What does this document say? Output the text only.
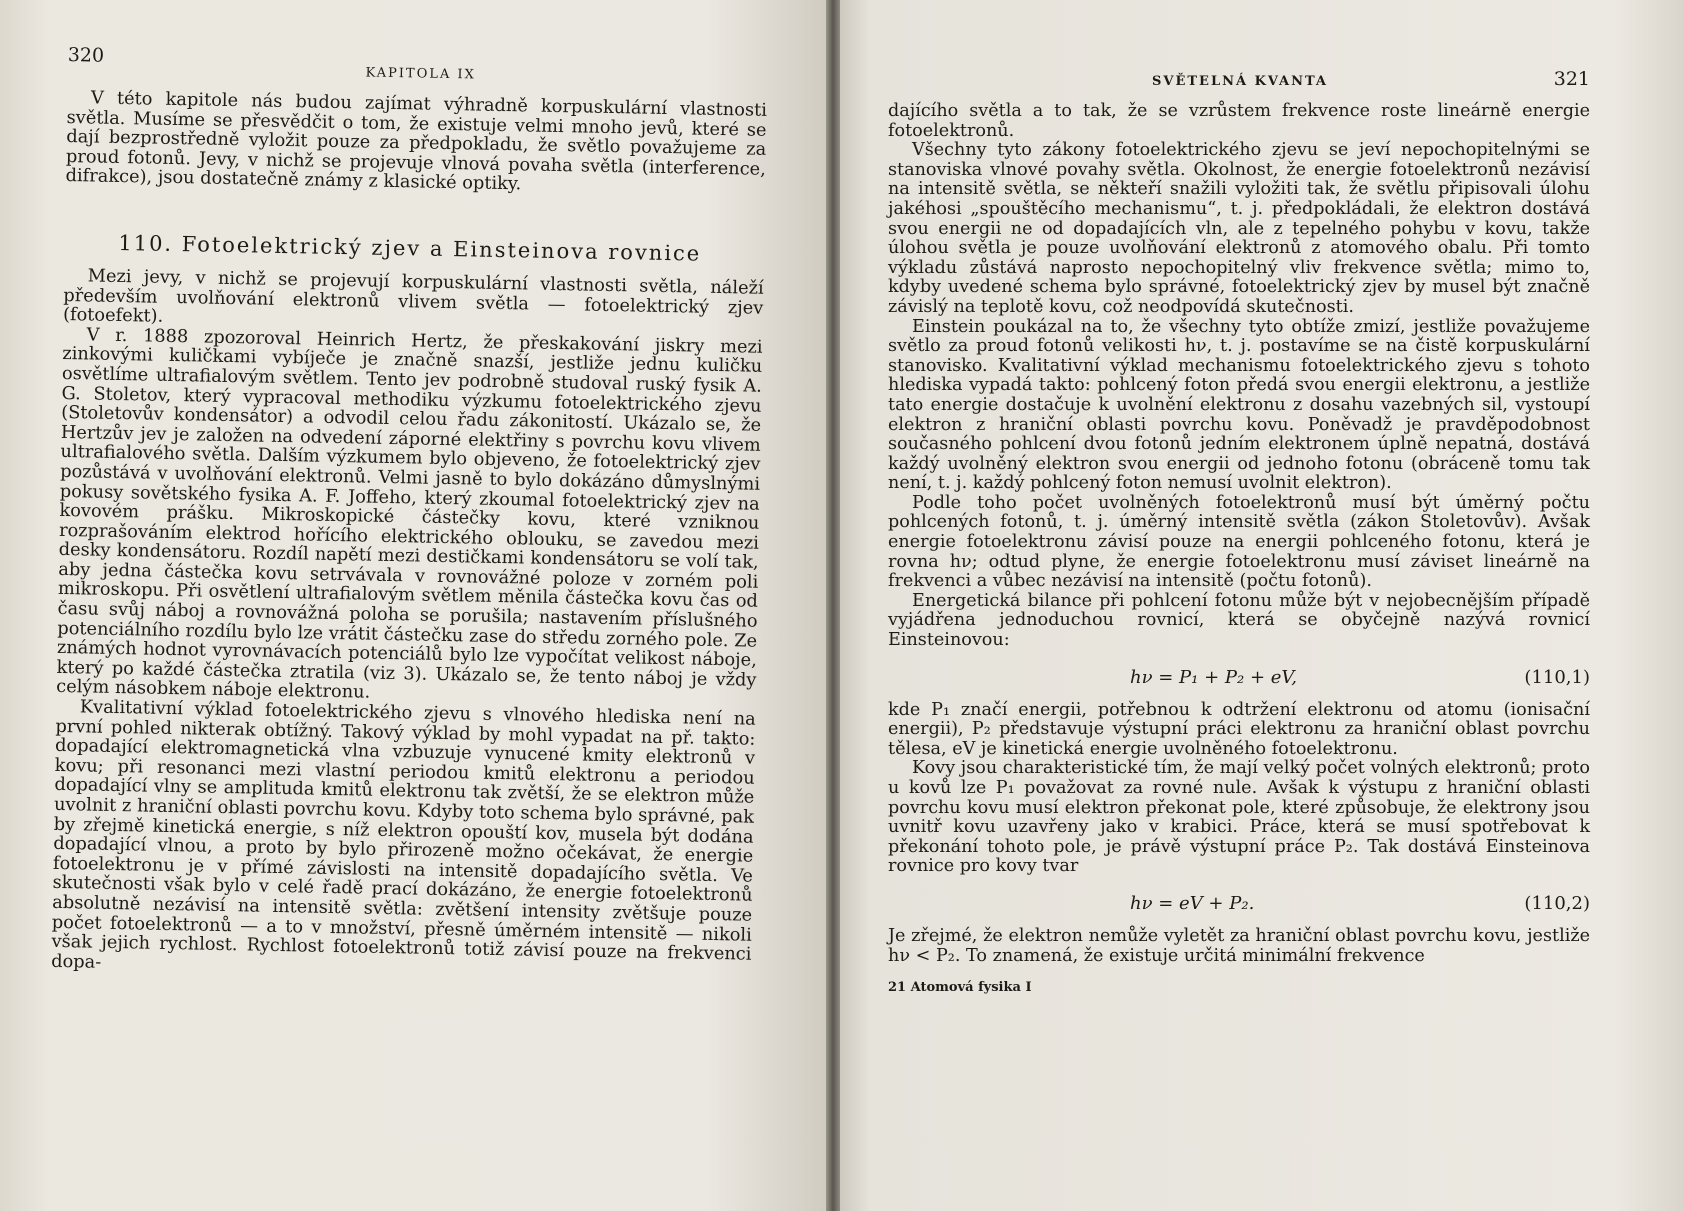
320
KAPITOLA IX

V této kapitole nás budou zajímat výhradně korpuskulární vlastnosti světla. Musíme se přesvědčit o tom, že existuje velmi mnoho jevů, které se dají bezprostředně vyložit pouze za předpokladu, že světlo považujeme za proud fotonů. Jevy, v nichž se projevuje vlnová povaha světla (interference, difrakce), jsou dostatečně známy z klasické optiky.

110. Fotoelektrický zjev a Einsteinova rovnice

Mezi jevy, v nichž se projevují korpuskulární vlastnosti světla, náleží především uvolňování elektronů vlivem světla — fotoelektrický zjev (fotoefekt).

V r. 1888 zpozoroval Heinrich Hertz, že přeskakování jiskry mezi zinkovými kuličkami vybíječe je značně snazší, jestliže jednu kuličku osvětlíme ultrafialovým světlem. Tento jev podrobně studoval ruský fysik A. G. Stoletov, který vypracoval methodiku výzkumu fotoelektrického zjevu (Stoletovův kondensátor) a odvodil celou řadu zákonitostí. Ukázalo se, že Hertzův jev je založen na odvedení záporné elektřiny s povrchu kovu vlivem ultrafialového světla. Dalším výzkumem bylo objeveno, že fotoelektrický zjev pozůstává v uvolňování elektronů. Velmi jasně to bylo dokázáno důmyslnými pokusy sovětského fysika A. F. Joffeho, který zkoumal fotoelektrický zjev na kovovém prášku. Mikroskopické částečky kovu, které vzniknou rozprašováním elektrod hořícího elektrického oblouku, se zavedou mezi desky kondensátoru. Rozdíl napětí mezi destičkami kondensátoru se volí tak, aby jedna částečka kovu setrvávala v rovnovážné poloze v zorném poli mikroskopu. Při osvětlení ultrafialovým světlem měnila částečka kovu čas od času svůj náboj a rovnovážná poloha se porušila; nastavením příslušného potenciálního rozdílu bylo lze vrátit částečku zase do středu zorného pole. Ze známých hodnot vyrovnávacích potenciálů bylo lze vypočítat velikost náboje, který po každé částečka ztratila (viz 3). Ukázalo se, že tento náboj je vždy celým násobkem náboje elektronu.

Kvalitativní výklad fotoelektrického zjevu s vlnového hlediska není na první pohled nikterak obtížný. Takový výklad by mohl vypadat na př. takto: dopadající elektromagnetická vlna vzbuzuje vynucené kmity elektronů v kovu; při resonanci mezi vlastní periodou kmitů elektronu a periodou dopadající vlny se amplituda kmitů elektronu tak zvětší, že se elektron může uvolnit z hraniční oblasti povrchu kovu. Kdyby toto schema bylo správné, pak by zřejmě kinetická energie, s níž elektron opouští kov, musela být dodána dopadající vlnou, a proto by bylo přirozeně možno očekávat, že energie fotoelektronu je v přímé závislosti na intensitě dopadajícího světla. Ve skutečnosti však bylo v celé řadě prací dokázáno, že energie fotoelektronů absolutně nezávisí na intensitě světla: zvětšení intensity zvětšuje pouze počet fotoelektronů — a to v množství, přesně úměrném intensitě — nikoli však jejich rychlost. Rychlost fotoelektronů totiž závisí pouze na frekvenci dopa-

SVĚTELNÁ KVANTA	321

dajícího světla a to tak, že se vzrůstem frekvence roste lineárně energie fotoelektronů.

Všechny tyto zákony fotoelektrického zjevu se jeví nepochopitelnými se stanoviska vlnové povahy světla. Okolnost, že energie fotoelektronů nezávisí na intensitě světla, se někteří snažili vyložiti tak, že světlu připisovali úlohu jakéhosi „spouštěcího mechanismu“, t. j. předpokládali, že elektron dostává svou energii ne od dopadajících vln, ale z tepelného pohybu v kovu, takže úlohou světla je pouze uvolňování elektronů z atomového obalu. Při tomto výkladu zůstává naprosto nepochopitelný vliv frekvence světla; mimo to, kdyby uvedené schema bylo správné, fotoelektrický zjev by musel být značně závislý na teplotě kovu, což neodpovídá skutečnosti.

Einstein poukázal na to, že všechny tyto obtíže zmizí, jestliže považujeme světlo za proud fotonů velikosti hν, t. j. postavíme se na čistě korpuskulární stanovisko. Kvalitativní výklad mechanismu fotoelektrického zjevu s tohoto hlediska vypadá takto: pohlcený foton předá svou energii elektronu, a jestliže tato energie dostačuje k uvolnění elektronu z dosahu vazebných sil, vystoupí elektron z hraniční oblasti povrchu kovu. Poněvadž je pravděpodobnost současného pohlcení dvou fotonů jedním elektronem úplně nepatná, dostává každý uvolněný elektron svou energii od jednoho fotonu (obráceně tomu tak není, t. j. každý pohlcený foton nemusí uvolnit elektron).

Podle toho počet uvolněných fotoelektronů musí být úměrný počtu pohlcených fotonů, t. j. úměrný intensitě světla (zákon Stoletovův). Avšak energie fotoelektronu závisí pouze na energii pohlceného fotonu, která je rovna hν; odtud plyne, že energie fotoelektronu musí záviset lineárně na frekvenci a vůbec nezávisí na intensitě (počtu fotonů).

Energetická bilance při pohlcení fotonu může být v nejobecnějším případě vyjádřena jednoduchou rovnicí, která se obyčejně nazývá rovnicí Einsteinovou:

hν = P₁ + P₂ + eV,	(110,1)

kde P₁ značí energii, potřebnou k odtržení elektronu od atomu (ionisační energii), P₂ představuje výstupní práci elektronu za hraniční oblast povrchu tělesa, eV je kinetická energie uvolněného fotoelektronu.

Kovy jsou charakteristické tím, že mají velký počet volných elektronů; proto u kovů lze P₁ považovat za rovné nule. Avšak k výstupu z hraniční oblasti povrchu kovu musí elektron překonat pole, které způsobuje, že elektrony jsou uvnitř kovu uzavřeny jako v krabici. Práce, která se musí spotřebovat k překonání tohoto pole, je právě výstupní práce P₂. Tak dostává Einsteinova rovnice pro kovy tvar

hν = eV + P₂.	(110,2)

Je zřejmé, že elektron nemůže vyletět za hraniční oblast povrchu kovu, jestliže hν < P₂. To znamená, že existuje určitá minimální frekvence

21 Atomová fysika I
